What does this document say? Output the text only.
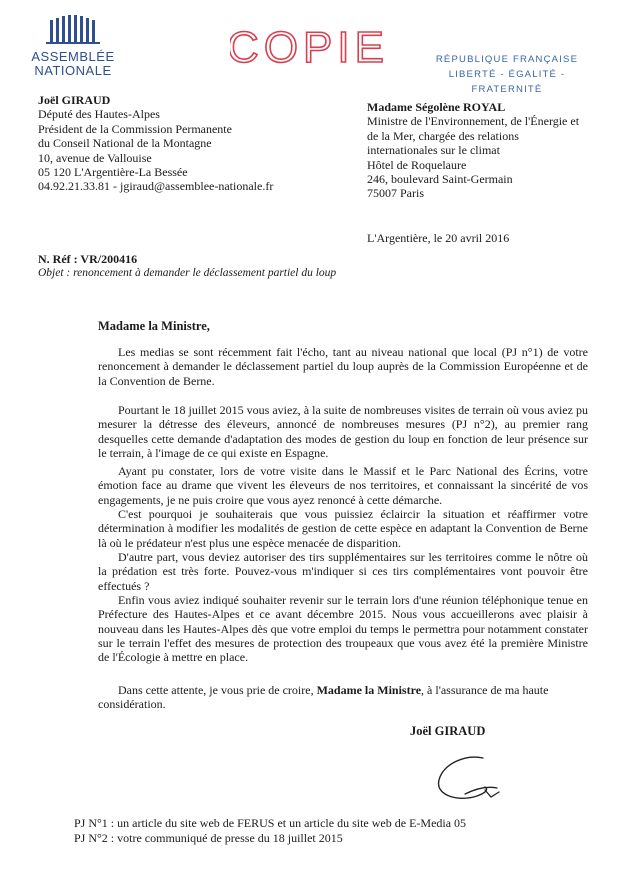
ASSEMBLÉE
NATIONALE	COPIE	RÉPUBLIQUE FRANÇAISE
LIBERTÉ - ÉGALITÉ - FRATERNITÉ
Joël GIRAUD
Député des Hautes-Alpes
Président de la Commission Permanente
du Conseil National de la Montagne
10, avenue de Vallouise
05 120 L'Argentière-La Bessée
04.92.21.33.81 - jgiraud@assemblee-nationale.fr
Madame Ségolène ROYAL
Ministre de l'Environnement, de l'Énergie et
de la Mer, chargée des relations
internationales sur le climat
Hôtel de Roquelaure
246, boulevard Saint-Germain
75007 Paris
L'Argentière, le 20 avril 2016
N. Réf : VR/200416
Objet : renoncement à demander le déclassement partiel du loup
Madame la Ministre,
Les medias se sont récemment fait l'écho, tant au niveau national que local (PJ n°1) de votre renoncement à demander le déclassement partiel du loup auprès de la Commission Européenne et de la Convention de Berne.
Pourtant le 18 juillet 2015 vous aviez, à la suite de nombreuses visites de terrain où vous aviez pu mesurer la détresse des éleveurs, annoncé de nombreuses mesures (PJ n°2), au premier rang desquelles cette demande d'adaptation des modes de gestion du loup en fonction de leur présence sur le terrain, à l'image de ce qui existe en Espagne.
Ayant pu constater, lors de votre visite dans le Massif et le Parc National des Écrins, votre émotion face au drame que vivent les éleveurs de nos territoires, et connaissant la sincérité de vos engagements, je ne puis croire que vous ayez renoncé à cette démarche.
C'est pourquoi je souhaiterais que vous puissiez éclaircir la situation et réaffirmer votre détermination à modifier les modalités de gestion de cette espèce en adaptant la Convention de Berne là où le prédateur n'est plus une espèce menacée de disparition.
D'autre part, vous deviez autoriser des tirs supplémentaires sur les territoires comme le nôtre où la prédation est très forte. Pouvez-vous m'indiquer si ces tirs complémentaires vont pouvoir être effectués ?
Enfin vous aviez indiqué souhaiter revenir sur le terrain lors d'une réunion téléphonique tenue en Préfecture des Hautes-Alpes et ce avant décembre 2015. Nous vous accueillerons avec plaisir à nouveau dans les Hautes-Alpes dès que votre emploi du temps le permettra pour notamment constater sur le terrain l'effet des mesures de protection des troupeaux que vous avez été la première Ministre de l'Écologie à mettre en place.
Dans cette attente, je vous prie de croire, Madame la Ministre, à l'assurance de ma haute considération.
Joël GIRAUD
PJ N°1 : un article du site web de FERUS et un article du site web de E-Media 05
PJ N°2 : votre communiqué de presse du 18 juillet 2015
